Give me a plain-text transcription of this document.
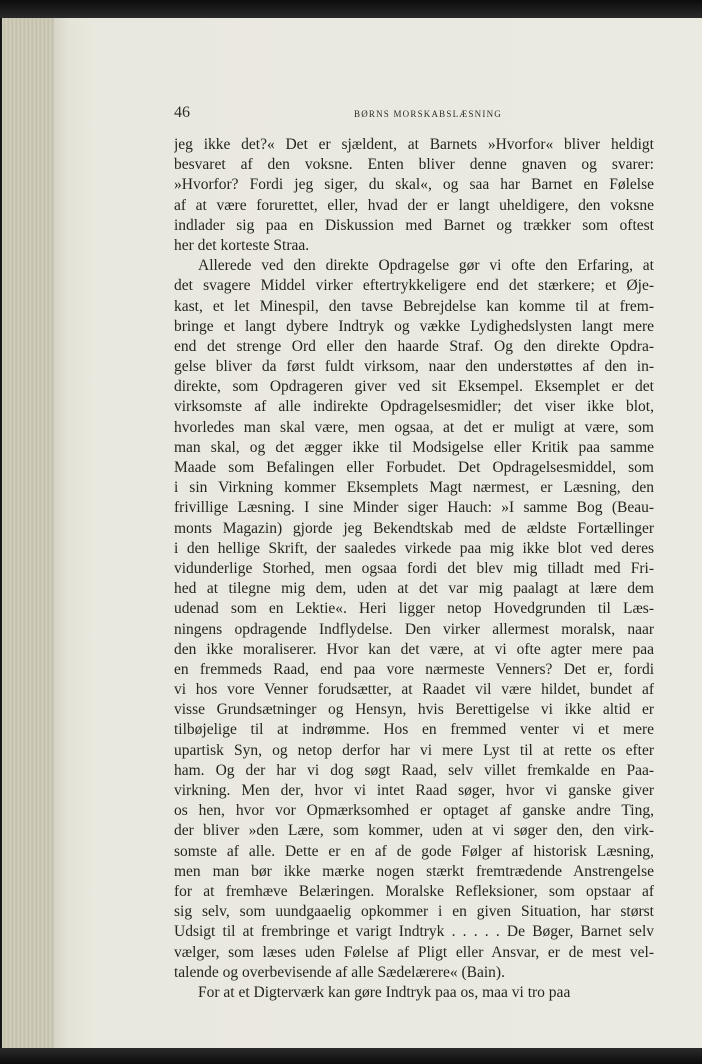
46	BØRNS MORSKABSLÆSNING
jeg ikke det?« Det er sjældent, at Barnets »Hvorfor« bliver heldigt
besvaret af den voksne. Enten bliver denne gnaven og svarer:
»Hvorfor? Fordi jeg siger, du skal«, og saa har Barnet en Følelse
af at være forurettet, eller, hvad der er langt uheldigere, den voksne
indlader sig paa en Diskussion med Barnet og trækker som oftest
her det korteste Straa.
Allerede ved den direkte Opdragelse gør vi ofte den Erfaring, at
det svagere Middel virker eftertrykkeligere end det stærkere; et Øje-
kast, et let Minespil, den tavse Bebrejdelse kan komme til at frem-
bringe et langt dybere Indtryk og vække Lydighedslysten langt mere
end det strenge Ord eller den haarde Straf. Og den direkte Opdra-
gelse bliver da først fuldt virksom, naar den understøttes af den in-
direkte, som Opdrageren giver ved sit Eksempel. Eksemplet er det
virksomste af alle indirekte Opdragelsesmidler; det viser ikke blot,
hvorledes man skal være, men ogsaa, at det er muligt at være, som
man skal, og det ægger ikke til Modsigelse eller Kritik paa samme
Maade som Befalingen eller Forbudet. Det Opdragelsesmiddel, som
i sin Virkning kommer Eksemplets Magt nærmest, er Læsning, den
frivillige Læsning. I sine Minder siger Hauch: »I samme Bog (Beau-
monts Magazin) gjorde jeg Bekendtskab med de ældste Fortællinger
i den hellige Skrift, der saaledes virkede paa mig ikke blot ved deres
vidunderlige Storhed, men ogsaa fordi det blev mig tilladt med Fri-
hed at tilegne mig dem, uden at det var mig paalagt at lære dem
udenad som en Lektie«. Heri ligger netop Hovedgrunden til Læs-
ningens opdragende Indflydelse. Den virker allermest moralsk, naar
den ikke moraliserer. Hvor kan det være, at vi ofte agter mere paa
en fremmeds Raad, end paa vore nærmeste Venners? Det er, fordi
vi hos vore Venner forudsætter, at Raadet vil være hildet, bundet af
visse Grundsætninger og Hensyn, hvis Berettigelse vi ikke altid er
tilbøjelige til at indrømme. Hos en fremmed venter vi et mere
upartisk Syn, og netop derfor har vi mere Lyst til at rette os efter
ham. Og der har vi dog søgt Raad, selv villet fremkalde en Paa-
virkning. Men der, hvor vi intet Raad søger, hvor vi ganske giver
os hen, hvor vor Opmærksomhed er optaget af ganske andre Ting,
der bliver »den Lære, som kommer, uden at vi søger den, den virk-
somste af alle. Dette er en af de gode Følger af historisk Læsning,
men man bør ikke mærke nogen stærkt fremtrædende Anstrengelse
for at fremhæve Belæringen. Moralske Refleksioner, som opstaar af
sig selv, som uundgaaelig opkommer i en given Situation, har størst
Udsigt til at frembringe et varigt Indtryk . . . . . De Bøger, Barnet selv
vælger, som læses uden Følelse af Pligt eller Ansvar, er de mest vel-
talende og overbevisende af alle Sædelærere« (Bain).
For at et Digterværk kan gøre Indtryk paa os, maa vi tro paa
